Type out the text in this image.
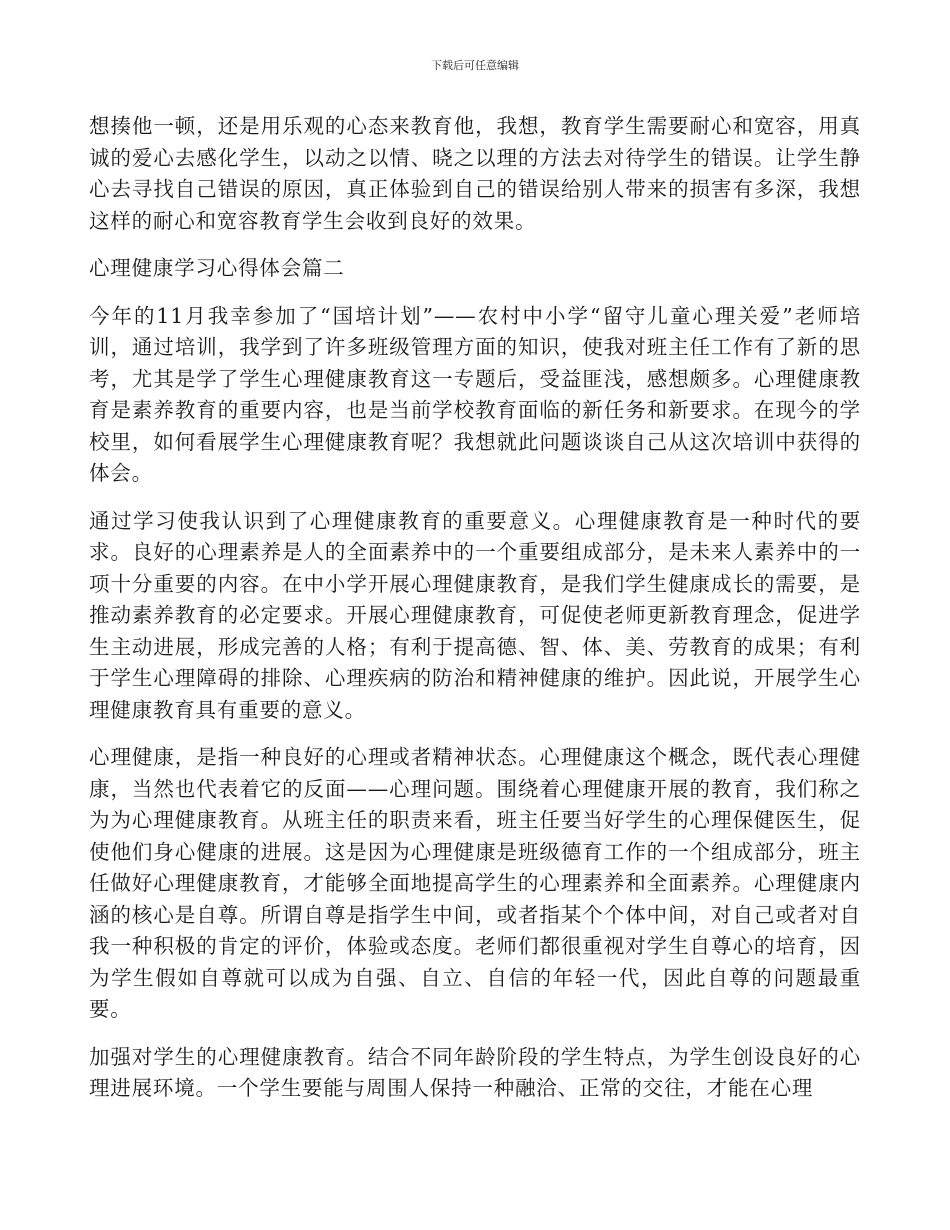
下载后可任意编辑

想揍他一顿，还是用乐观的心态来教育他，我想，教育学生需要耐心和宽容，用真诚的爱心去感化学生，以动之以情、晓之以理的方法去对待学生的错误。让学生静心去寻找自己错误的原因，真正体验到自己的错误给别人带来的损害有多深，我想这样的耐心和宽容教育学生会收到良好的效果。

心理健康学习心得体会篇二

今年的11月我幸参加了“国培计划”——农村中小学“留守儿童心理关爱”老师培训，通过培训，我学到了许多班级管理方面的知识，使我对班主任工作有了新的思考，尤其是学了学生心理健康教育这一专题后，受益匪浅，感想颇多。心理健康教育是素养教育的重要内容，也是当前学校教育面临的新任务和新要求。在现今的学校里，如何看展学生心理健康教育呢？我想就此问题谈谈自己从这次培训中获得的体会。

通过学习使我认识到了心理健康教育的重要意义。心理健康教育是一种时代的要求。良好的心理素养是人的全面素养中的一个重要组成部分，是未来人素养中的一项十分重要的内容。在中小学开展心理健康教育，是我们学生健康成长的需要，是推动素养教育的必定要求。开展心理健康教育，可促使老师更新教育理念，促进学生主动进展，形成完善的人格；有利于提高德、智、体、美、劳教育的成果；有利于学生心理障碍的排除、心理疾病的防治和精神健康的维护。因此说，开展学生心理健康教育具有重要的意义。

心理健康，是指一种良好的心理或者精神状态。心理健康这个概念，既代表心理健康，当然也代表着它的反面——心理问题。围绕着心理健康开展的教育，我们称之为为心理健康教育。从班主任的职责来看，班主任要当好学生的心理保健医生，促使他们身心健康的进展。这是因为心理健康是班级德育工作的一个组成部分，班主任做好心理健康教育，才能够全面地提高学生的心理素养和全面素养。心理健康内涵的核心是自尊。所谓自尊是指学生中间，或者指某个个体中间，对自己或者对自我一种积极的肯定的评价，体验或态度。老师们都很重视对学生自尊心的培育，因为学生假如自尊就可以成为自强、自立、自信的年轻一代，因此自尊的问题最重要。

加强对学生的心理健康教育。结合不同年龄阶段的学生特点，为学生创设良好的心理进展环境。一个学生要能与周围人保持一种融洽、正常的交往，才能在心理
